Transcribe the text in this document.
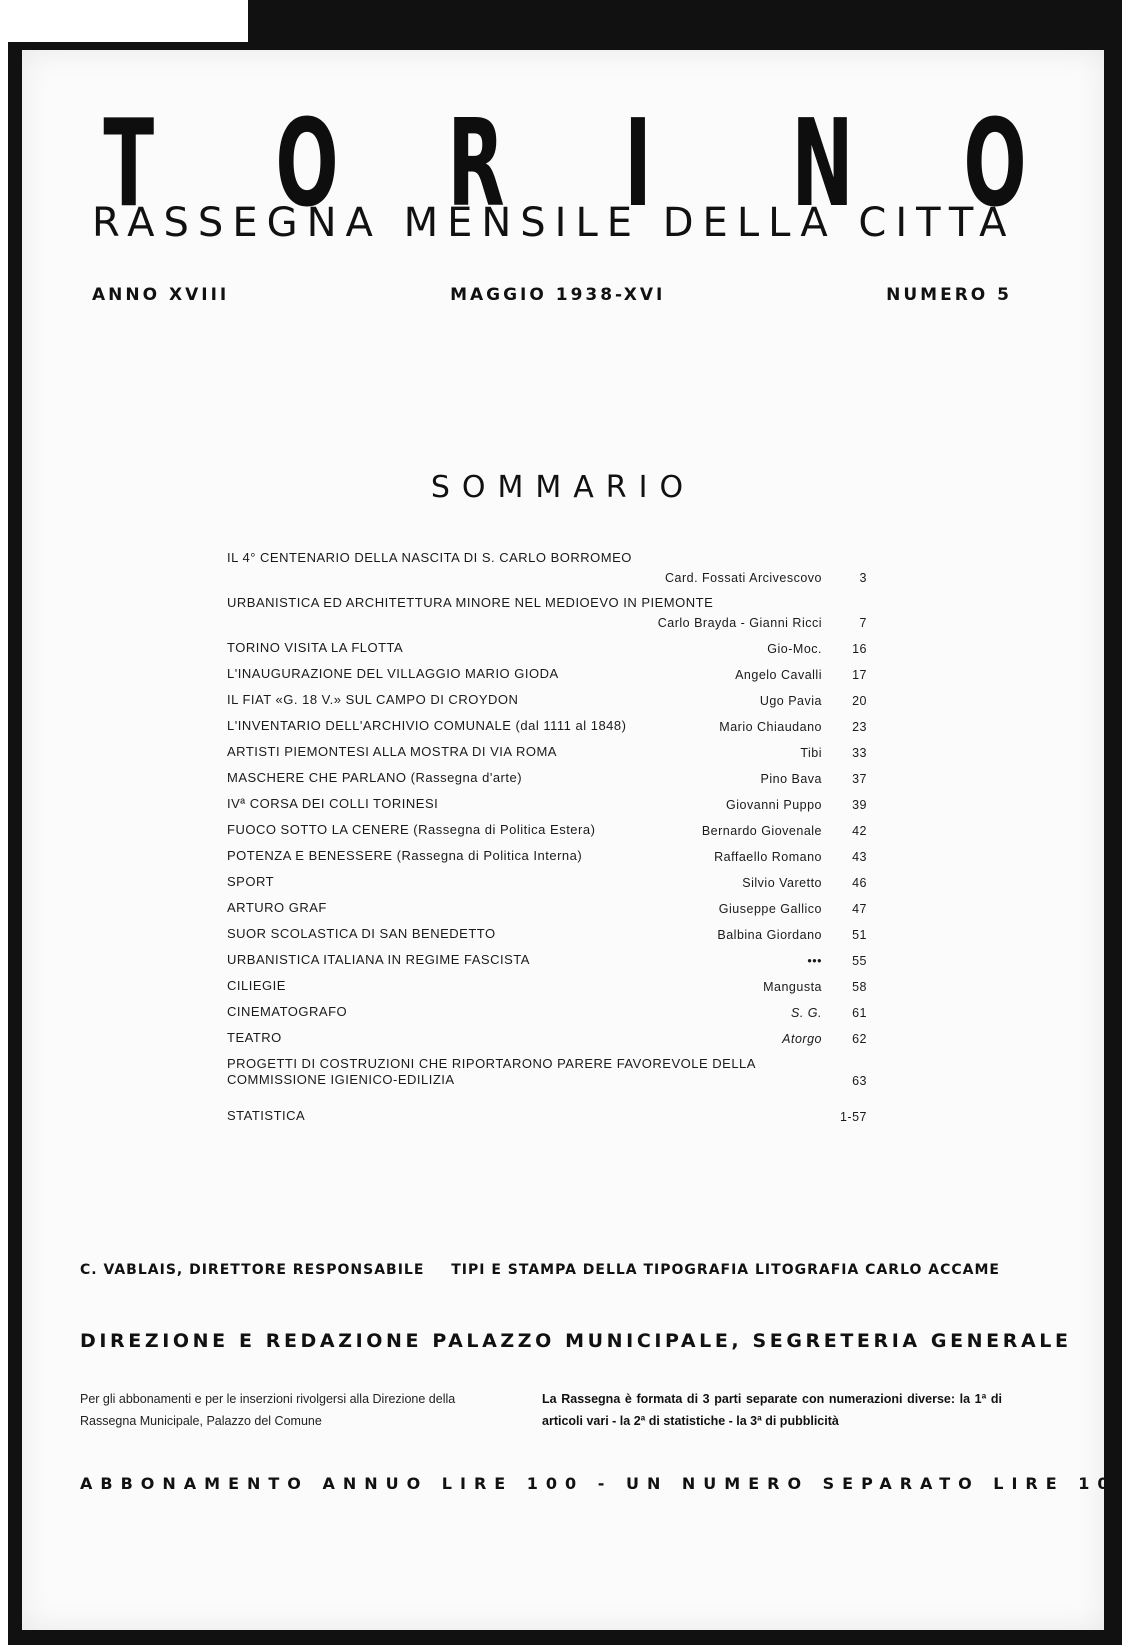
T O R I N O
RASSEGNA MENSILE DELLA CITTÀ
ANNO XVIII	MAGGIO 1938-XVI	NUMERO 5
SOMMARIO
IL 4° CENTENARIO DELLA NASCITA DI S. CARLO BORROMEO
Card. Fossati Arcivescovo	3
URBANISTICA ED ARCHITETTURA MINORE NEL MEDIOEVO IN PIEMONTE
Carlo Brayda - Gianni Ricci	7
TORINO VISITA LA FLOTTA	Gio-Moc.	16
L'INAUGURAZIONE DEL VILLAGGIO MARIO GIODA	Angelo Cavalli	17
IL FIAT «G. 18 V.» SUL CAMPO DI CROYDON	Ugo Pavia	20
L'INVENTARIO DELL'ARCHIVIO COMUNALE (dal 1111 al 1848)	Mario Chiaudano	23
ARTISTI PIEMONTESI ALLA MOSTRA DI VIA ROMA	Tibi	33
MASCHERE CHE PARLANO (Rassegna d'arte)	Pino Bava	37
IVª CORSA DEI COLLI TORINESI	Giovanni Puppo	39
FUOCO SOTTO LA CENERE (Rassegna di Politica Estera)	Bernardo Giovenale	42
POTENZA E BENESSERE (Rassegna di Politica Interna)	Raffaello Romano	43
SPORT	Silvio Varetto	46
ARTURO GRAF	Giuseppe Gallico	47
SUOR SCOLASTICA DI SAN BENEDETTO	Balbina Giordano	51
URBANISTICA ITALIANA IN REGIME FASCISTA	•••	55
CILIEGIE	Mangusta	58
CINEMATOGRAFO	S. G.	61
TEATRO	Atorgo	62
PROGETTI DI COSTRUZIONI CHE RIPORTARONO PARERE FAVOREVOLE DELLA COMMISSIONE IGIENICO-EDILIZIA	63
STATISTICA	1-57
C. VABLAIS, DIRETTORE RESPONSABILE TIPI E STAMPA DELLA TIPOGRAFIA LITOGRAFIA CARLO ACCAME
DIREZIONE E REDAZIONE PALAZZO MUNICIPALE, SEGRETERIA GENERALE
Per gli abbonamenti e per le inserzioni rivolgersi alla Direzione della Rassegna Municipale, Palazzo del Comune
La Rassegna è formata di 3 parti separate con numerazioni diverse: la 1ª di articoli vari - la 2ª di statistiche - la 3ª di pubblicità
ABBONAMENTO ANNUO LIRE 100 - UN NUMERO SEPARATO LIRE 10
